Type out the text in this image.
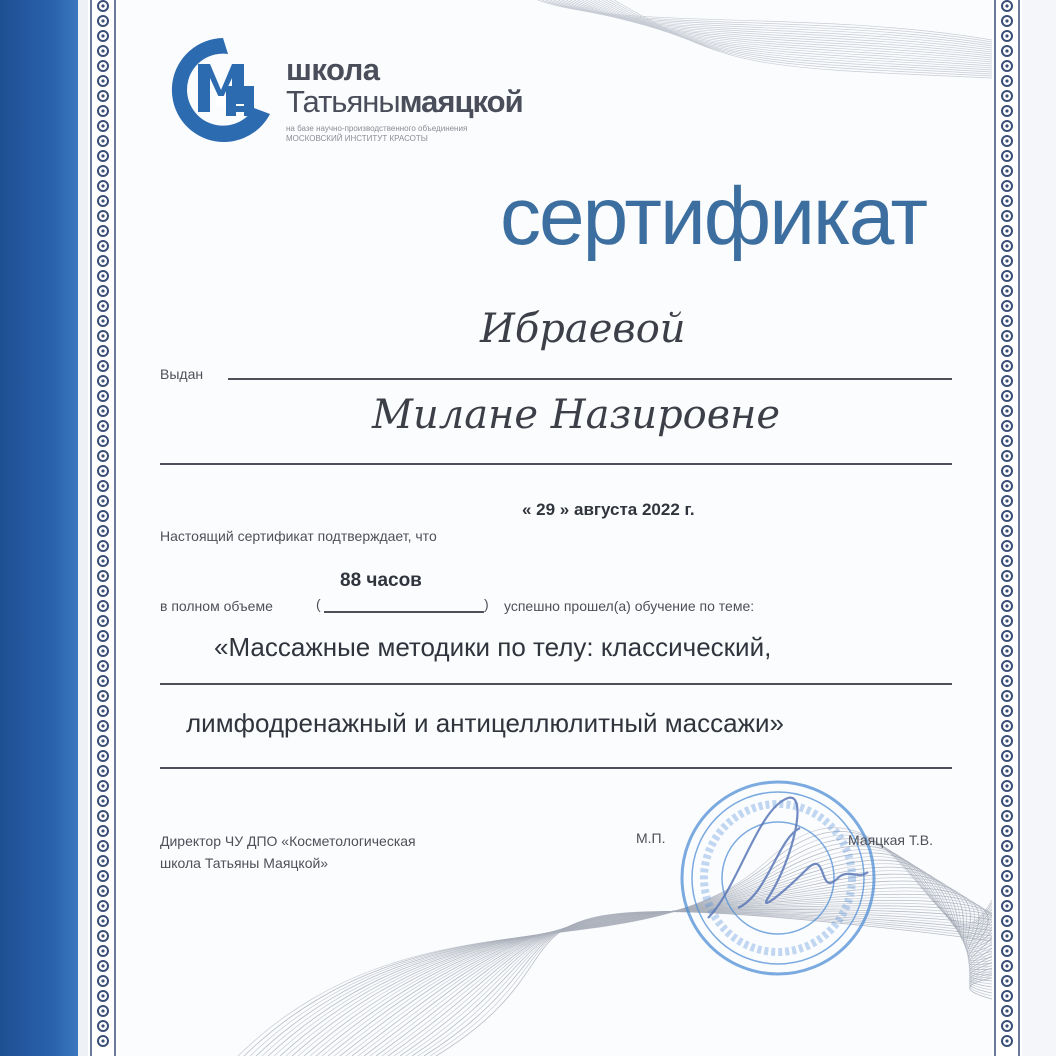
школа
Татьянымаяцкой
на базе научно-производственного объединения
МОСКОВСКИЙ ИНСТИТУТ КРАСОТЫ
сертификат
Ибраевой
Выдан
Милане Назировне
« 29 » августа 2022 г.
Настоящий сертификат подтверждает, что
88 часов
в полном объеме	(	) успешно прошел(а) обучение по теме:
«Массажные методики по телу: классический,
лимфодренажный и антицеллюлитный массажи»
Директор ЧУ ДПО «Косметологическая
школа Татьяны Маяцкой»
М.П.	Маяцкая Т.В.
